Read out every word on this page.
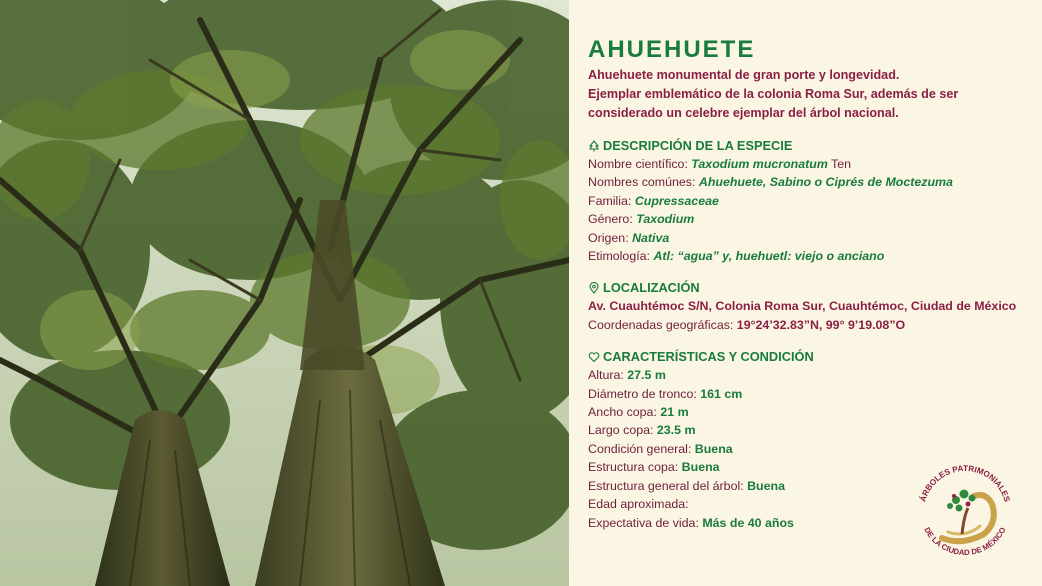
AHUEHUETE
Ahuehuete monumental de gran porte y longevidad.
Ejemplar emblemático de la colonia Roma Sur, además de ser
considerado un celebre ejemplar del árbol nacional.
DESCRIPCIÓN DE LA ESPECIE
Nombre científico: Taxodium mucronatum Ten
Nombres comúnes: Ahuehuete, Sabino o Ciprés de Moctezuma
Familia: Cupressaceae
Género: Taxodium
Origen: Nativa
Etimología: Atl: “agua” y, huehuetl: viejo o anciano
LOCALIZACIÓN
Av. Cuauhtémoc S/N, Colonia Roma Sur, Cuauhtémoc, Ciudad de México
Coordenadas geográficas: 19°24’32.83”N, 99° 9’19.08”O
CARACTERÍSTICAS Y CONDICIÓN
Altura: 27.5 m
Diámetro de tronco: 161 cm
Ancho copa: 21 m
Largo copa: 23.5 m
Condición general: Buena
Estructura copa: Buena
Estructura general del árbol: Buena
Edad aproximada:
Expectativa de vida: Más de 40 años
ÁRBOLES PATRIMONIALES
DE LA CIUDAD DE MÉXICO
